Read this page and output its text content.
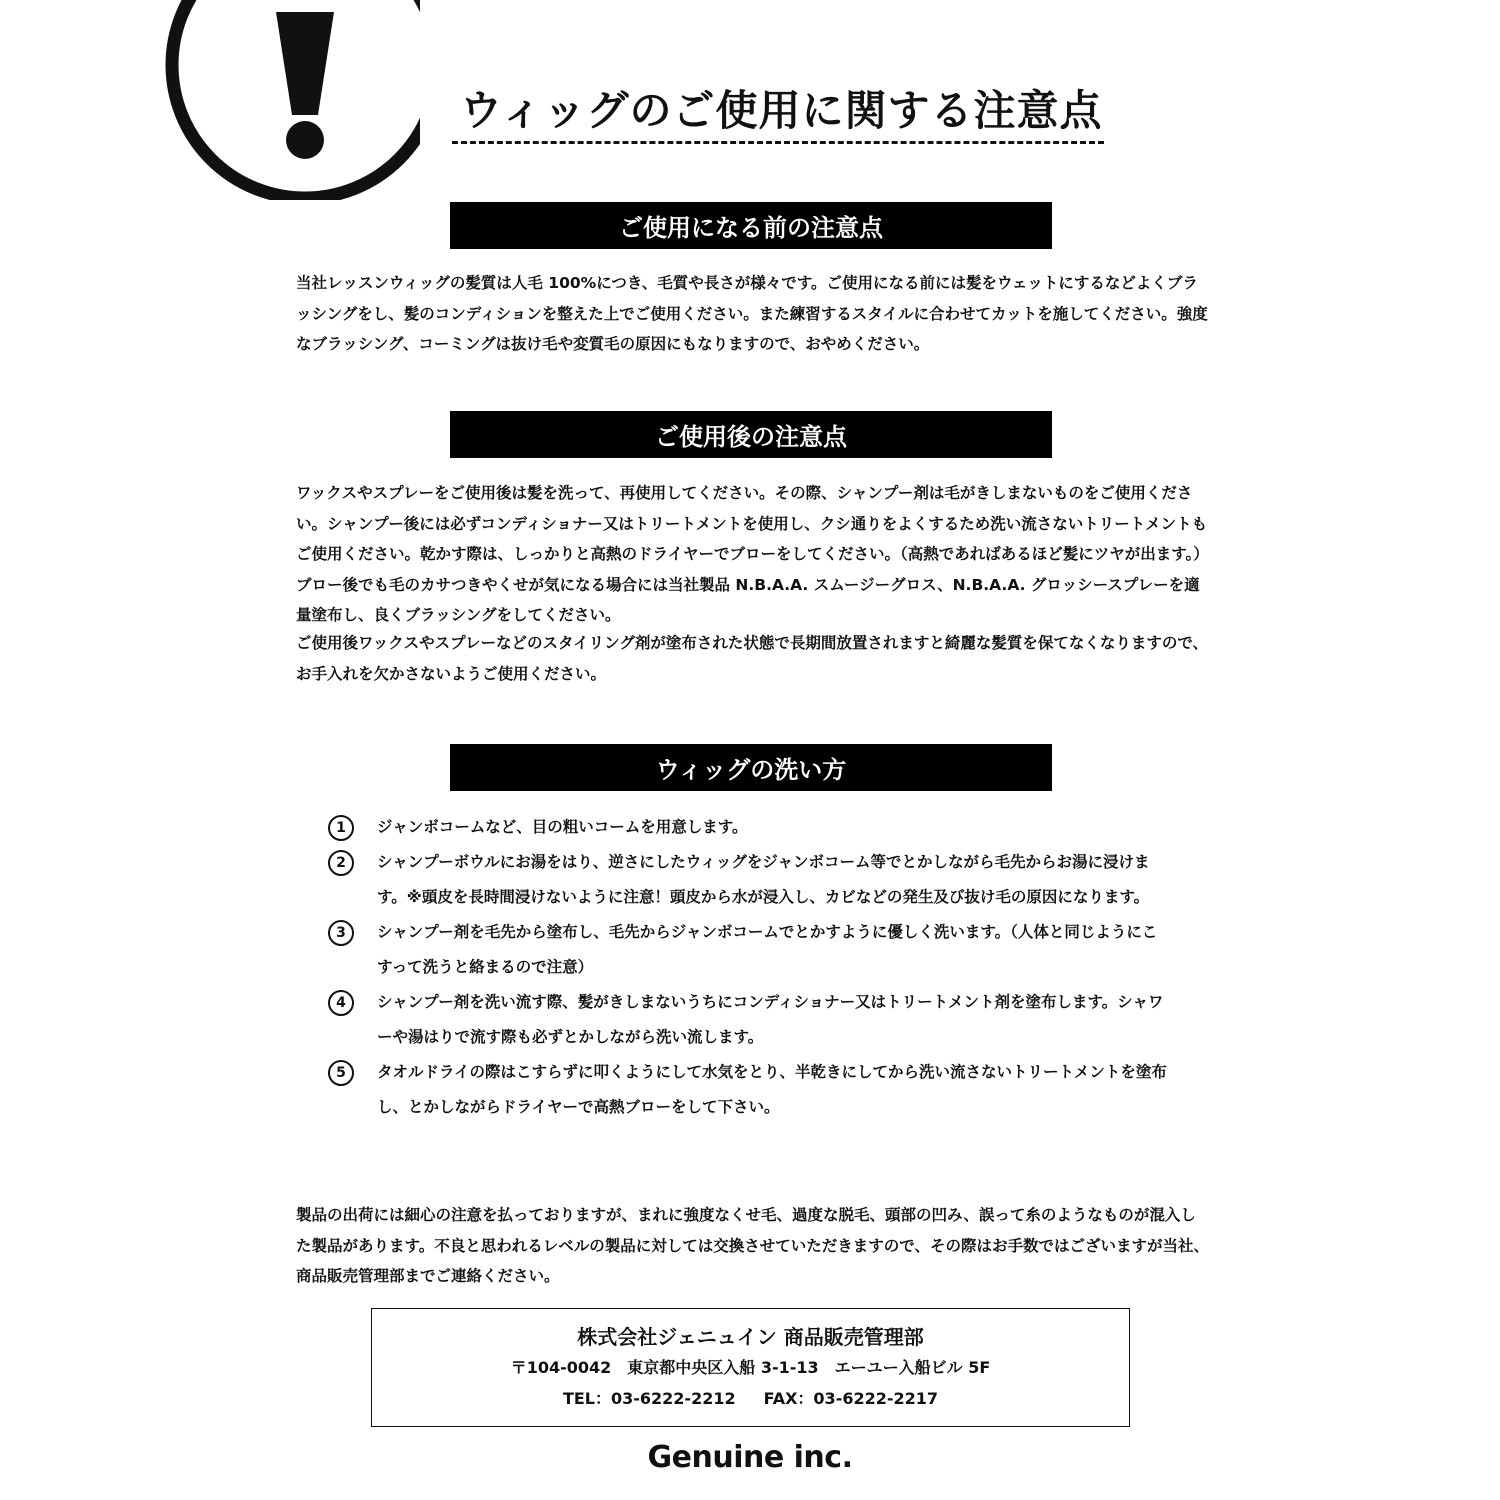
ウィッグのご使用に関する注意点
ご使用になる前の注意点

当社レッスンウィッグの髪質は人毛 100%につき、毛質や長さが様々です。ご使用になる前には髪をウェットにするなどよくブラッシングをし、髪のコンディションを整えた上でご使用ください。また練習するスタイルに合わせてカットを施してください。強度なブラッシング、コーミングは抜け毛や変質毛の原因にもなりますので、おやめください。

ご使用後の注意点

ワックスやスプレーをご使用後は髪を洗って、再使用してください。その際、シャンプー剤は毛がきしまないものをご使用ください。シャンプー後には必ずコンディショナー又はトリートメントを使用し、クシ通りをよくするため洗い流さないトリートメントもご使用ください。乾かす際は、しっかりと高熱のドライヤーでブローをしてください。（高熱であればあるほど髪にツヤが出ます。）ブロー後でも毛のカサつきやくせが気になる場合には当社製品 N.B.A.A. スムージーグロス、N.B.A.A. グロッシースプレーを適量塗布し、良くブラッシングをしてください。

ご使用後ワックスやスプレーなどのスタイリング剤が塗布された状態で長期間放置されますと綺麗な髪質を保てなくなりますので、お手入れを欠かさないようご使用ください。

ウィッグの洗い方
1	ジャンボコームなど、目の粗いコームを用意します。
2	シャンプーボウルにお湯をはり、逆さにしたウィッグをジャンボコーム等でとかしながら毛先からお湯に浸けます。※頭皮を長時間浸けないように注意！頭皮から水が浸入し、カビなどの発生及び抜け毛の原因になります。
3	シャンプー剤を毛先から塗布し、毛先からジャンボコームでとかすように優しく洗います。（人体と同じようにこすって洗うと絡まるので注意）
4	シャンプー剤を洗い流す際、髪がきしまないうちにコンディショナー又はトリートメント剤を塗布します。シャワーや湯はりで流す際も必ずとかしながら洗い流します。
5	タオルドライの際はこすらずに叩くようにして水気をとり、半乾きにしてから洗い流さないトリートメントを塗布し、とかしながらドライヤーで高熱ブローをして下さい。

製品の出荷には細心の注意を払っておりますが、まれに強度なくせ毛、過度な脱毛、頭部の凹み、誤って糸のようなものが混入した製品があります。不良と思われるレベルの製品に対しては交換させていただきますので、その際はお手数ではございますが当社、商品販売管理部までご連絡ください。

株式会社ジェニュイン 商品販売管理部
〒104-0042　東京都中央区入船 3-1-13　エーユー入船ビル 5F
TEL：03-6222-2212 FAX：03-6222-2217
Genuine inc.
